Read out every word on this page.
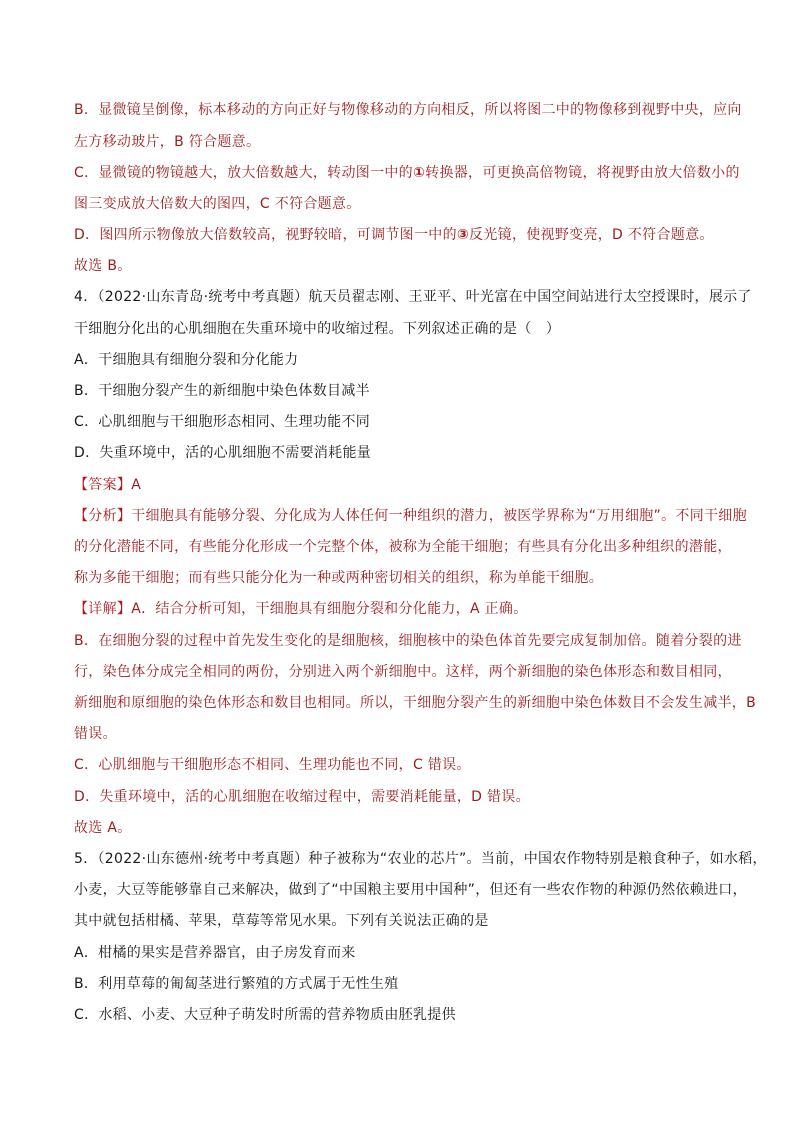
B．显微镜呈倒像，标本移动的方向正好与物像移动的方向相反，所以将图二中的物像移到视野中央，应向
左方移动玻片，B 符合题意。
C．显微镜的物镜越大，放大倍数越大，转动图一中的①转换器，可更换高倍物镜，将视野由放大倍数小的
图三变成放大倍数大的图四，C 不符合题意。
D．图四所示物像放大倍数较高，视野较暗，可调节图一中的③反光镜，使视野变亮，D 不符合题意。
故选 B。
4．（2022·山东青岛·统考中考真题）航天员翟志刚、王亚平、叶光富在中国空间站进行太空授课时，展示了
干细胞分化出的心肌细胞在失重环境中的收缩过程。下列叙述正确的是（　）
A．干细胞具有细胞分裂和分化能力
B．干细胞分裂产生的新细胞中染色体数目减半
C．心肌细胞与干细胞形态相同、生理功能不同
D．失重环境中，活的心肌细胞不需要消耗能量
【答案】A
【分析】干细胞具有能够分裂、分化成为人体任何一种组织的潜力，被医学界称为“万用细胞”。不同干细胞
的分化潜能不同，有些能分化形成一个完整个体，被称为全能干细胞；有些具有分化出多种组织的潜能，
称为多能干细胞；而有些只能分化为一种或两种密切相关的组织，称为单能干细胞。
【详解】A．结合分析可知，干细胞具有细胞分裂和分化能力，A 正确。
B．在细胞分裂的过程中首先发生变化的是细胞核，细胞核中的染色体首先要完成复制加倍。随着分裂的进
行，染色体分成完全相同的两份，分别进入两个新细胞中。这样，两个新细胞的染色体形态和数目相同，
新细胞和原细胞的染色体形态和数目也相同。所以，干细胞分裂产生的新细胞中染色体数目不会发生减半，B
错误。
C．心肌细胞与干细胞形态不相同、生理功能也不同，C 错误。
D．失重环境中，活的心肌细胞在收缩过程中，需要消耗能量，D 错误。
故选 A。
5．（2022·山东德州·统考中考真题）种子被称为“农业的芯片”。当前，中国农作物特别是粮食种子，如水稻，
小麦，大豆等能够靠自己来解决，做到了“中国粮主要用中国种”，但还有一些农作物的种源仍然依赖进口，
其中就包括柑橘、苹果，草莓等常见水果。下列有关说法正确的是
A．柑橘的果实是营养器官，由子房发育而来
B．利用草莓的匍匐茎进行繁殖的方式属于无性生殖
C．水稻、小麦、大豆种子萌发时所需的营养物质由胚乳提供
